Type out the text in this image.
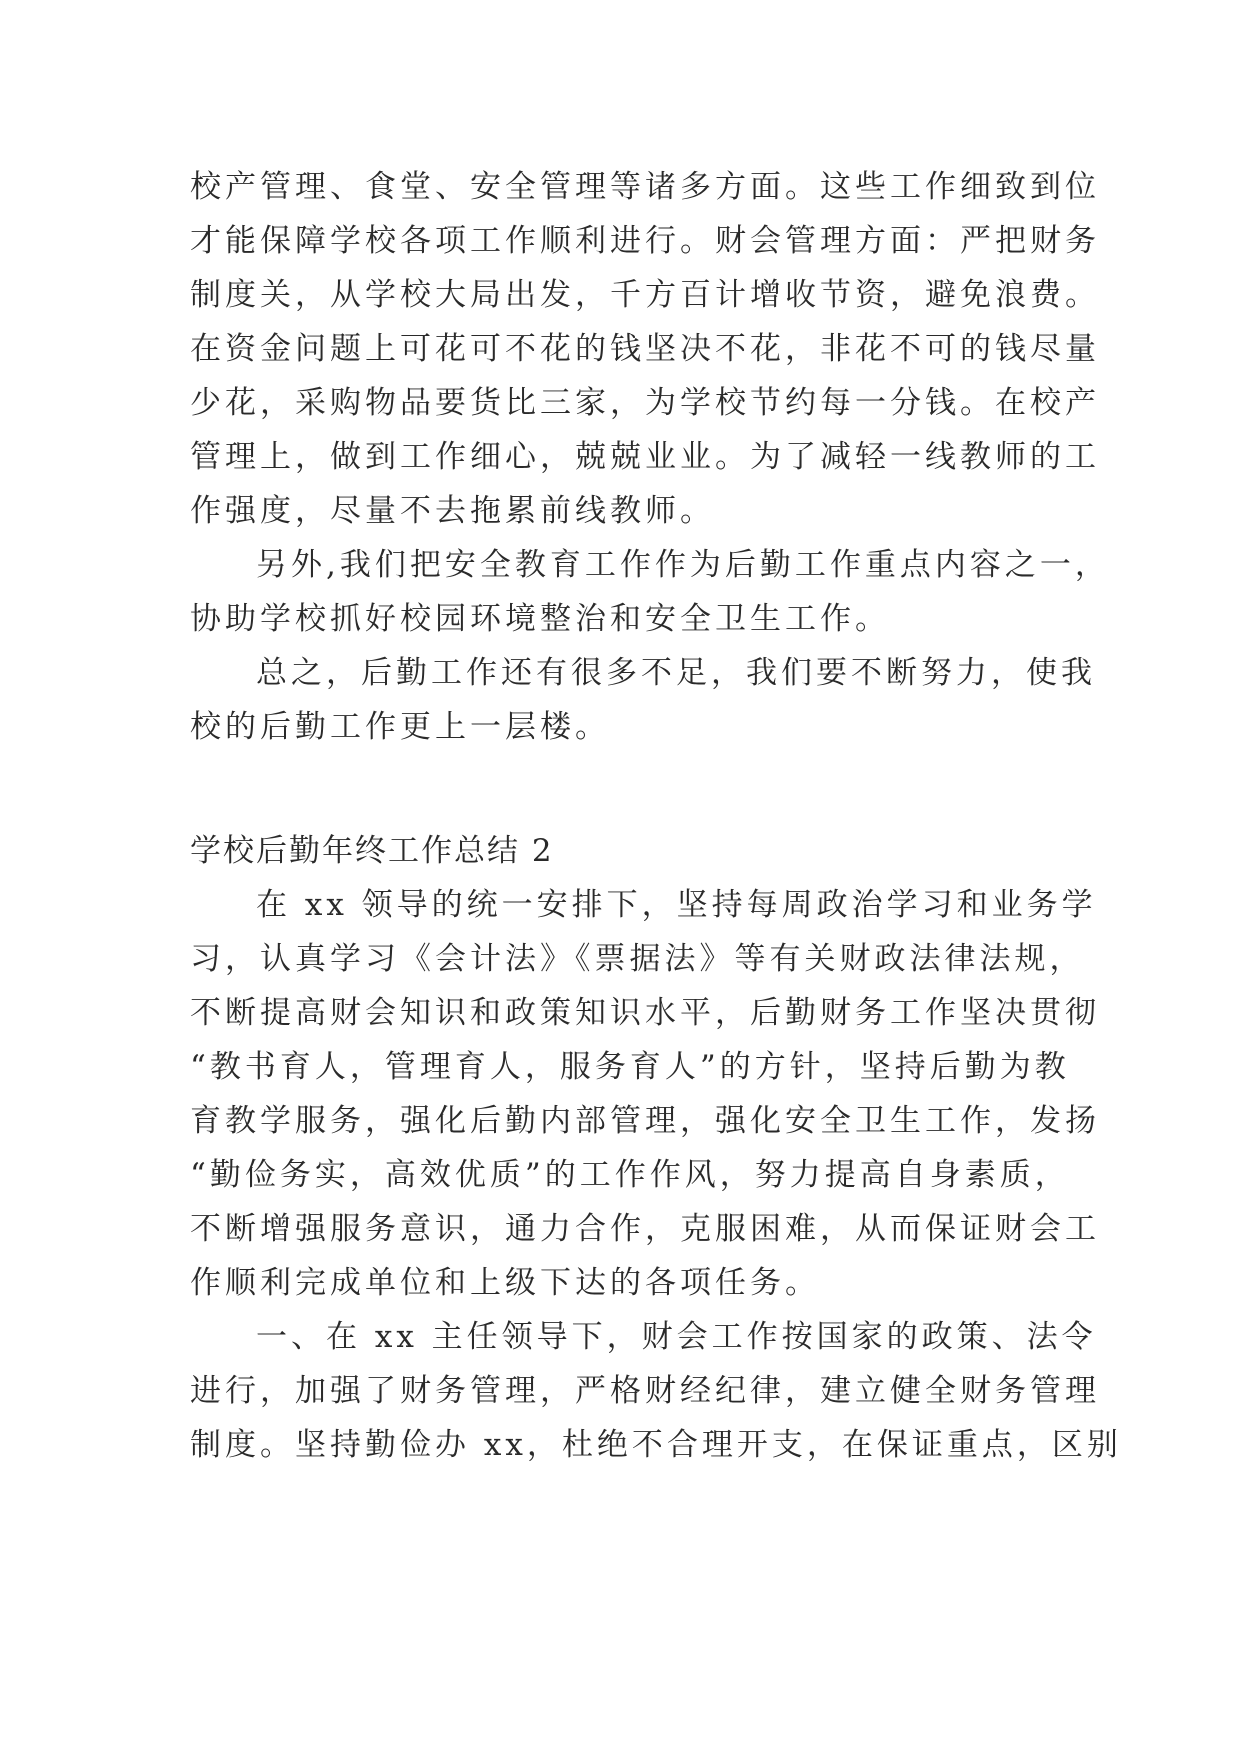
校产管理、食堂、安全管理等诸多方面。这些工作细致到位
才能保障学校各项工作顺利进行。财会管理方面：严把财务
制度关，从学校大局出发，千方百计增收节资，避免浪费。
在资金问题上可花可不花的钱坚决不花，非花不可的钱尽量
少花，采购物品要货比三家，为学校节约每一分钱。在校产
管理上，做到工作细心，兢兢业业。为了减轻一线教师的工
作强度，尽量不去拖累前线教师。
另外,我们把安全教育工作作为后勤工作重点内容之一，
协助学校抓好校园环境整治和安全卫生工作。
总之，后勤工作还有很多不足，我们要不断努力，使我
校的后勤工作更上一层楼。
学校后勤年终工作总结 2
在 xx 领导的统一安排下，坚持每周政治学习和业务学
习，认真学习《会计法》《票据法》等有关财政法律法规，
不断提高财会知识和政策知识水平，后勤财务工作坚决贯彻
“教书育人，管理育人，服务育人”的方针，坚持后勤为教
育教学服务，强化后勤内部管理，强化安全卫生工作，发扬
“勤俭务实，高效优质”的工作作风，努力提高自身素质，
不断增强服务意识，通力合作，克服困难，从而保证财会工
作顺利完成单位和上级下达的各项任务。
一、在 xx 主任领导下，财会工作按国家的政策、法令
进行，加强了财务管理，严格财经纪律，建立健全财务管理
制度。坚持勤俭办 xx，杜绝不合理开支，在保证重点，区别
